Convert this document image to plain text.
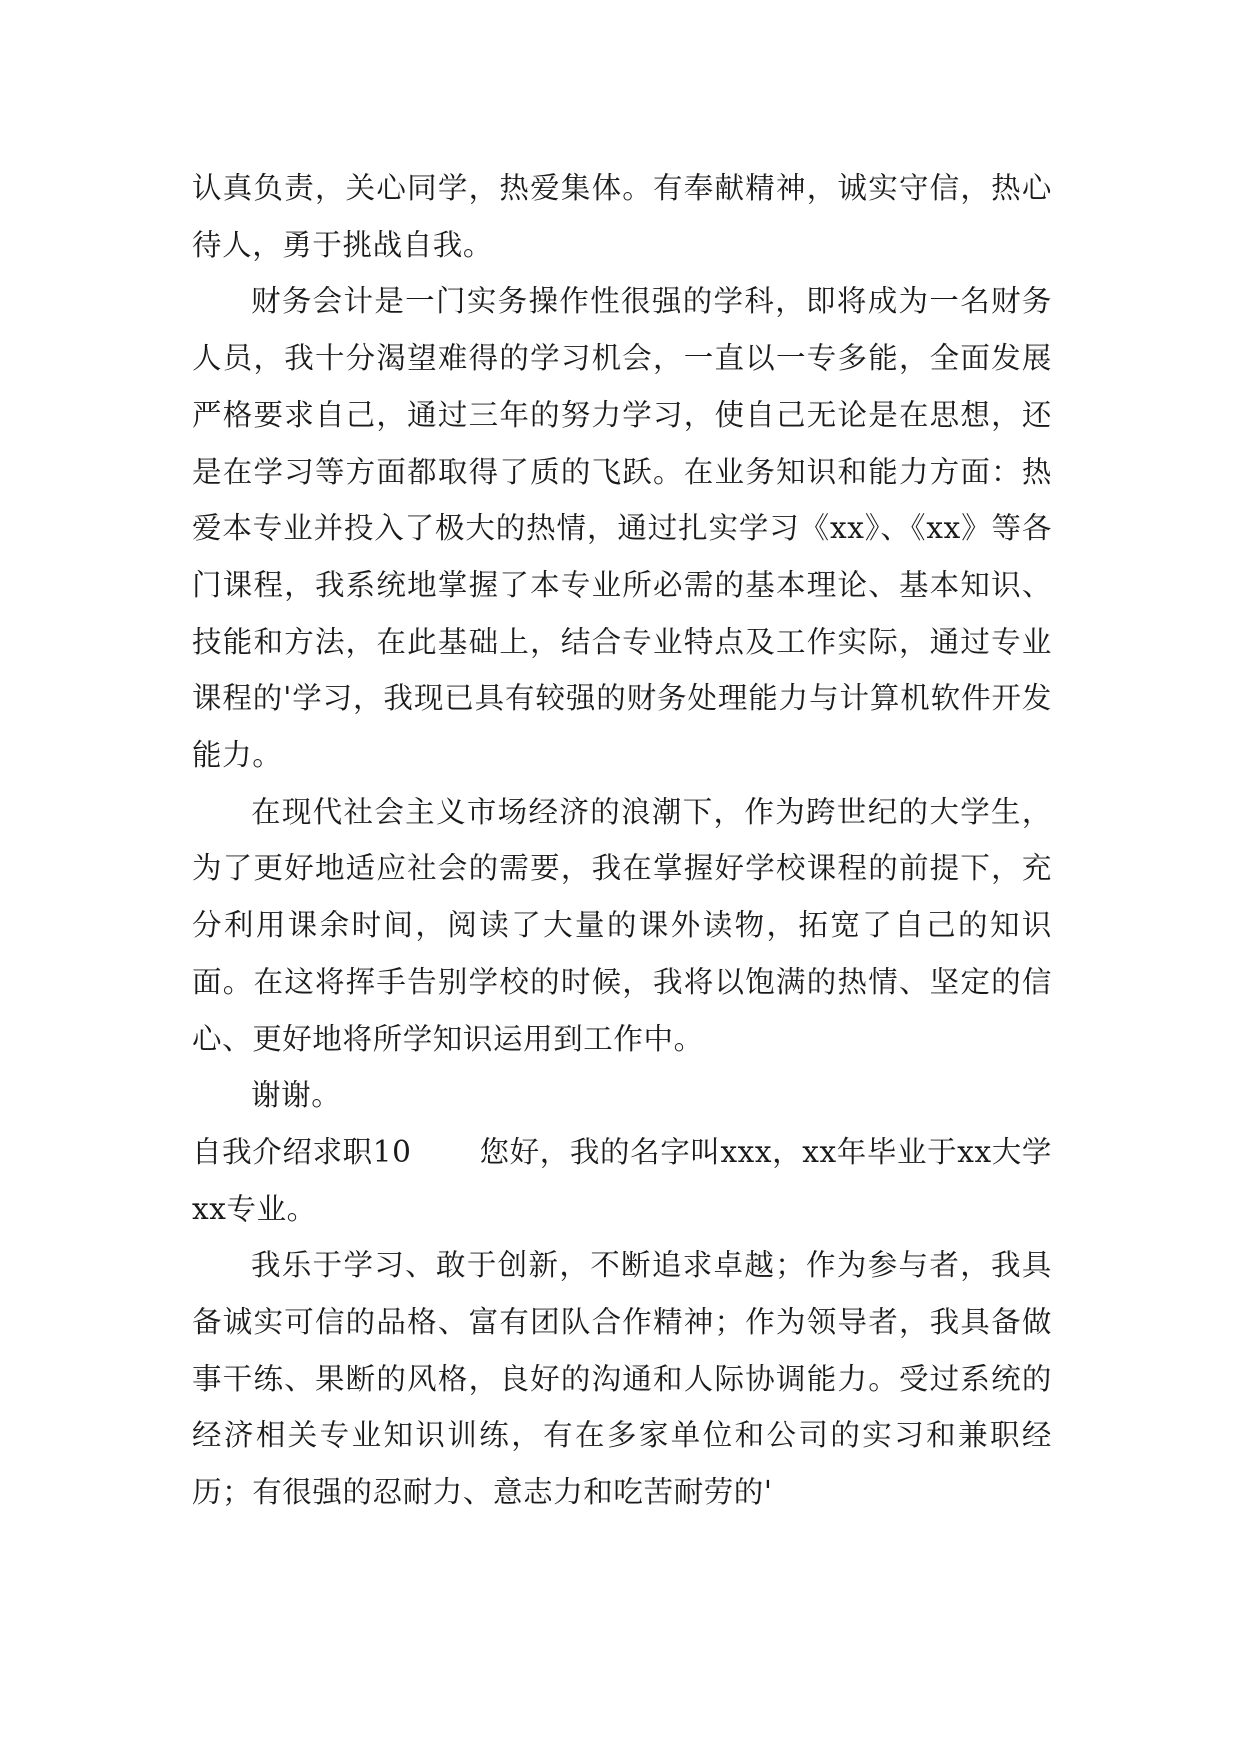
认真负责，关心同学，热爱集体。有奉献精神，诚实守信，热心待人，勇于挑战自我。

财务会计是一门实务操作性很强的学科，即将成为一名财务人员，我十分渴望难得的学习机会，一直以一专多能，全面发展严格要求自己，通过三年的努力学习，使自己无论是在思想，还是在学习等方面都取得了质的飞跃。在业务知识和能力方面：热爱本专业并投入了极大的热情，通过扎实学习《xx》、《xx》等各门课程，我系统地掌握了本专业所必需的基本理论、基本知识、技能和方法，在此基础上，结合专业特点及工作实际，通过专业课程的'学习，我现已具有较强的财务处理能力与计算机软件开发能力。

在现代社会主义市场经济的浪潮下，作为跨世纪的大学生，为了更好地适应社会的需要，我在掌握好学校课程的前提下，充分利用课余时间，阅读了大量的课外读物，拓宽了自己的知识面。在这将挥手告别学校的时候，我将以饱满的热情、坚定的信心、更好地将所学知识运用到工作中。

谢谢。

自我介绍求职10 您好，我的名字叫xxx，xx年毕业于xx大学xx专业。

我乐于学习、敢于创新，不断追求卓越；作为参与者，我具备诚实可信的品格、富有团队合作精神；作为领导者，我具备做事干练、果断的风格，良好的沟通和人际协调能力。受过系统的经济相关专业知识训练，有在多家单位和公司的实习和兼职经历；有很强的忍耐力、意志力和吃苦耐劳的'
